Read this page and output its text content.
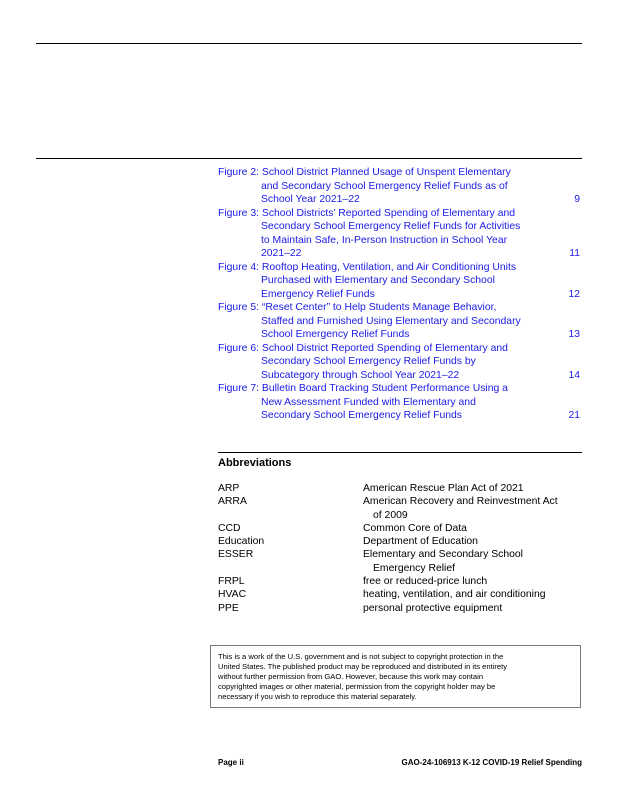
Figure 2: School District Planned Usage of Unspent Elementary
and Secondary School Emergency Relief Funds as of
School Year 2021–22	9
Figure 3: School Districts’ Reported Spending of Elementary and
Secondary School Emergency Relief Funds for Activities
to Maintain Safe, In-Person Instruction in School Year
2021–22	11
Figure 4: Rooftop Heating, Ventilation, and Air Conditioning Units
Purchased with Elementary and Secondary School
Emergency Relief Funds	12
Figure 5: “Reset Center” to Help Students Manage Behavior,
Staffed and Furnished Using Elementary and Secondary
School Emergency Relief Funds	13
Figure 6: School District Reported Spending of Elementary and
Secondary School Emergency Relief Funds by
Subcategory through School Year 2021–22	14
Figure 7: Bulletin Board Tracking Student Performance Using a
New Assessment Funded with Elementary and
Secondary School Emergency Relief Funds	21
Abbreviations
ARP	American Rescue Plan Act of 2021
ARRA	American Recovery and Reinvestment Act
of 2009
CCD	Common Core of Data
Education	Department of Education
ESSER	Elementary and Secondary School
Emergency Relief
FRPL	free or reduced-price lunch
HVAC	heating, ventilation, and air conditioning
PPE	personal protective equipment
This is a work of the U.S. government and is not subject to copyright protection in the
United States. The published product may be reproduced and distributed in its entirety
without further permission from GAO. However, because this work may contain
copyrighted images or other material, permission from the copyright holder may be
necessary if you wish to reproduce this material separately.
Page ii	GAO-24-106913 K-12 COVID-19 Relief Spending
